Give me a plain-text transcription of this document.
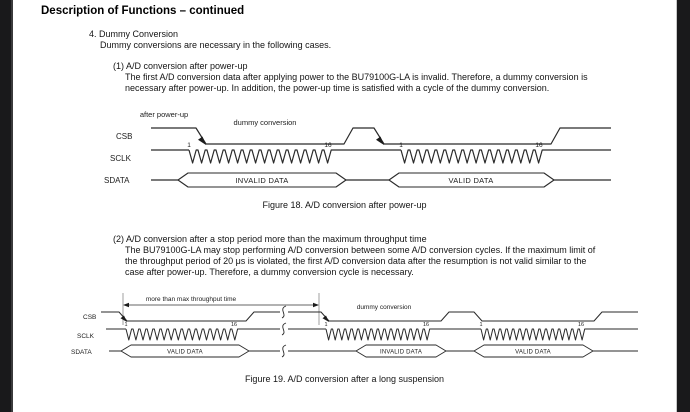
Description of Functions – continued
4. Dummy Conversion
Dummy conversions are necessary in the following cases.
(1) A/D conversion after power-up
The first A/D conversion data after applying power to the BU79100G-LA is invalid. Therefore, a dummy conversion is
necessary after power-up. In addition, the power-up time is satisfied with a cycle of the dummy conversion.
after power-up
dummy conversion
CSB
SCLK
SDATA
1	16	1	16
INVALID DATA	VALID DATA
Figure 18. A/D conversion after power-up
(2) A/D conversion after a stop period more than the maximum throughput time
The BU79100G-LA may stop performing A/D conversion between some A/D conversion cycles. If the maximum limit of
the throughput period of 20 μs is violated, the first A/D conversion data after the resumption is not valid similar to the
case after power-up. Therefore, a dummy conversion cycle is necessary.
more than max throughput time
dummy conversion
CSB
SCLK
SDATA
1	16	1	16	1	16
VALID DATA	INVALID DATA	VALID DATA
Figure 19. A/D conversion after a long suspension
